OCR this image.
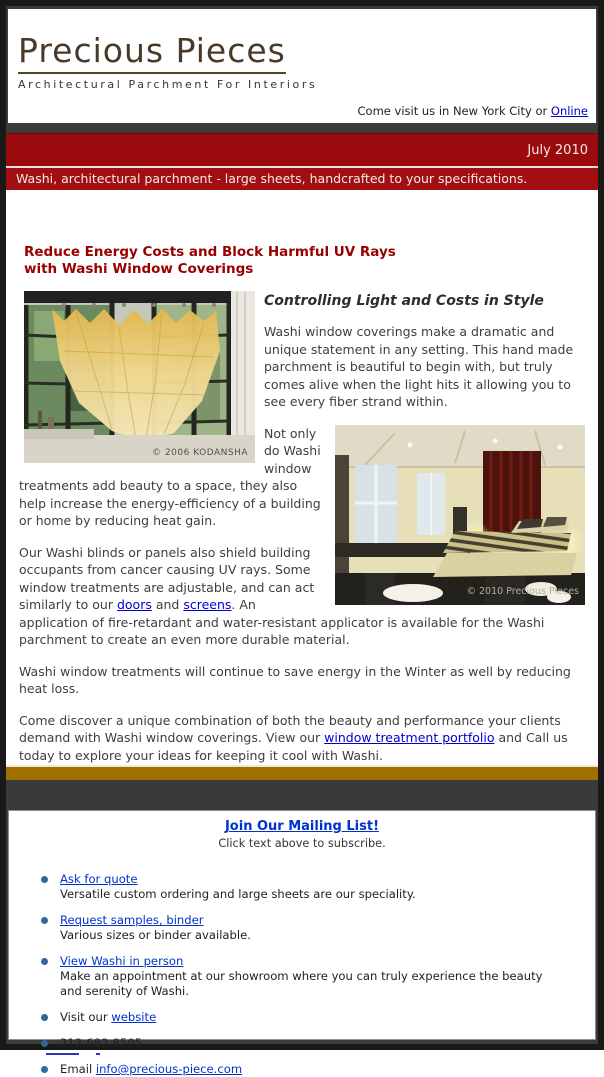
Precious Pieces
Architectural Parchment For Interiors
Come visit us in New York City or Online
July 2010
Washi, architectural parchment - large sheets, handcrafted to your specifications.
Reduce Energy Costs and Block Harmful UV Rays
with Washi Window Coverings
© 2006 KODANSHA
Controlling Light and Costs in Style

Washi window coverings make a dramatic and unique statement in any setting. This hand made parchment is beautiful to begin with, but truly comes alive when the light hits it allowing you to see every fiber strand within.

© 2010 Precious Pieces
Not only do Washi window treatments add beauty to a space, they also help increase the energy-efficiency of a building or home by reducing heat gain.

Our Washi blinds or panels also shield building occupants from cancer causing UV rays. Some window treatments are adjustable, and can act similarly to our doors and screens. An application of fire-retardant and water-resistant applicator is available for the Washi parchment to create an even more durable material.

Washi window treatments will continue to save energy in the Winter as well by reducing heat loss.

Come discover a unique combination of both the beauty and performance your clients demand with Washi window coverings. View our window treatment portfolio and Call us today to explore your ideas for keeping it cool with Washi.

Join Our Mailing List!
Click text above to subscribe.
Ask for quote
Versatile custom ordering and large sheets are our speciality.
Request samples, binder
Various sizes or binder available.
View Washi in person
Make an appointment at our showroom where you can truly experience the beauty and serenity of Washi.
Visit our website
212-682-8505
Email info@precious-piece.com
